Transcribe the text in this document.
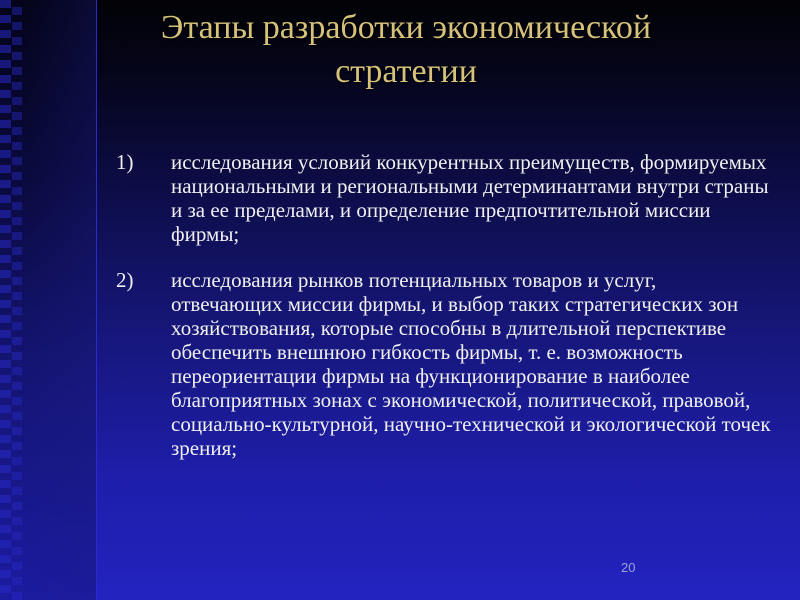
Этапы разработки экономической
стратегии
1)	исследования условий конкурентных преимуществ, формируемых национальными и региональными детерминантами внутри страны и за ее пределами, и определение предпочтительной миссии фирмы;
2)	исследования рынков потенциальных товаров и услуг, отвечающих миссии фирмы, и выбор таких стратегических зон хозяйствования, которые способны в длительной перспективе обеспечить внешнюю гибкость фирмы, т. е. возможность переориентации фирмы на функционирование в наиболее благоприятных зонах с экономической, политической, правовой, социально-культурной, научно-технической и экологической точек зрения;
20
